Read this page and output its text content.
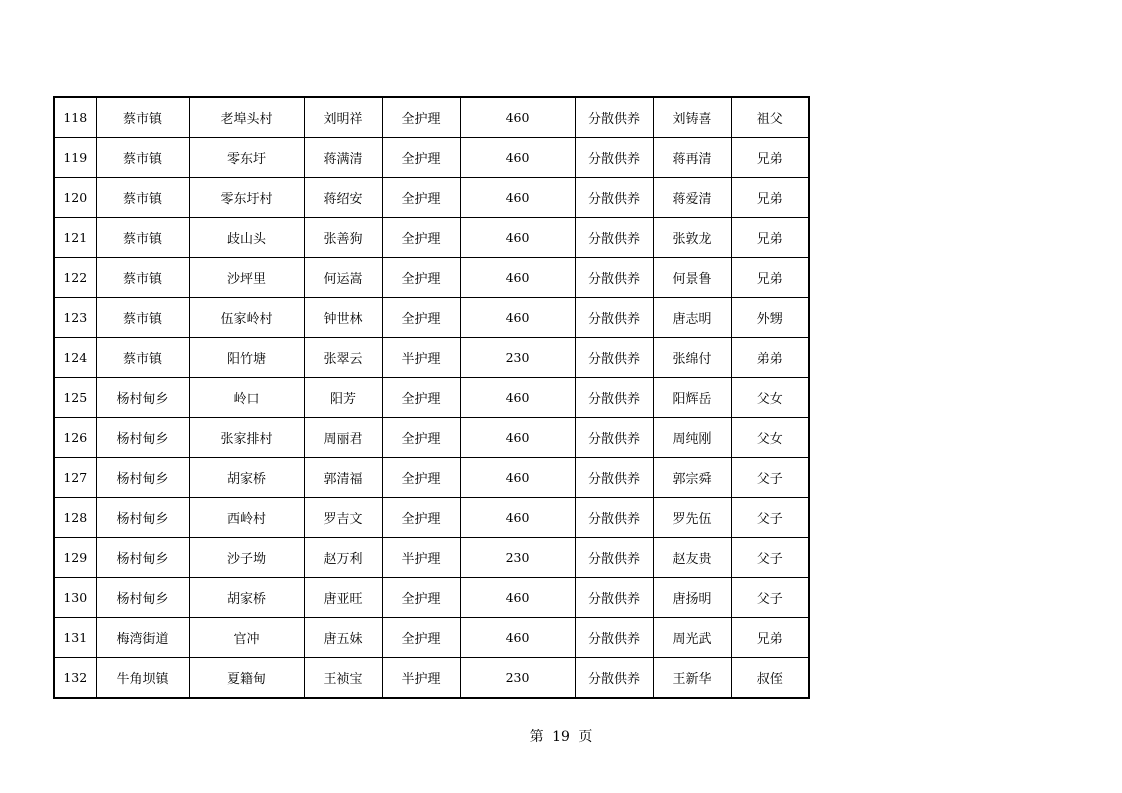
118	蔡市镇	老埠头村	刘明祥	全护理	460	分散供养	刘铸喜	祖父
119	蔡市镇	零东圩	蒋满清	全护理	460	分散供养	蒋再清	兄弟
120	蔡市镇	零东圩村	蒋绍安	全护理	460	分散供养	蒋爱清	兄弟
121	蔡市镇	歧山头	张善狗	全护理	460	分散供养	张敦龙	兄弟
122	蔡市镇	沙坪里	何运嵩	全护理	460	分散供养	何景鲁	兄弟
123	蔡市镇	伍家岭村	钟世林	全护理	460	分散供养	唐志明	外甥
124	蔡市镇	阳竹塘	张翠云	半护理	230	分散供养	张绵付	弟弟
125	杨村甸乡	岭口	阳芳	全护理	460	分散供养	阳辉岳	父女
126	杨村甸乡	张家排村	周丽君	全护理	460	分散供养	周纯刚	父女
127	杨村甸乡	胡家桥	郭清福	全护理	460	分散供养	郭宗舜	父子
128	杨村甸乡	西岭村	罗吉文	全护理	460	分散供养	罗先伍	父子
129	杨村甸乡	沙子坳	赵万利	半护理	230	分散供养	赵友贵	父子
130	杨村甸乡	胡家桥	唐亚旺	全护理	460	分散供养	唐扬明	父子
131	梅湾街道	官冲	唐五妹	全护理	460	分散供养	周光武	兄弟
132	牛角坝镇	夏籍甸	王祯宝	半护理	230	分散供养	王新华	叔侄
第 19 页
